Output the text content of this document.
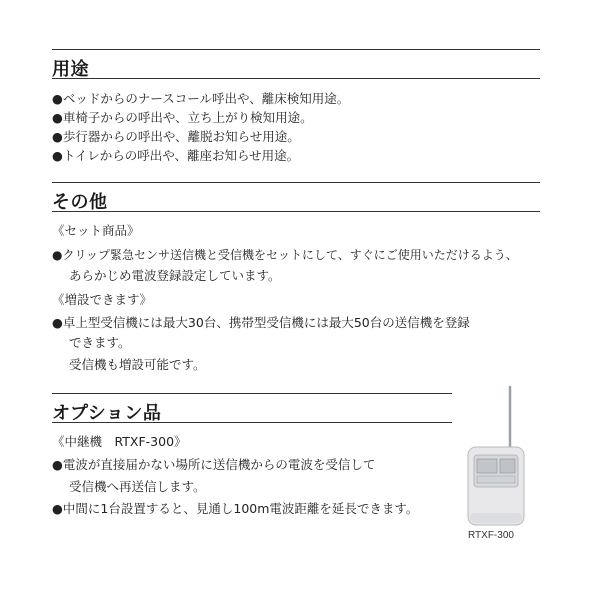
用途
●ベッドからのナースコール呼出や、離床検知用途。
●車椅子からの呼出や、立ち上がり検知用途。
●歩行器からの呼出や、離脱お知らせ用途。
●トイレからの呼出や、離座お知らせ用途。
その他
《セット商品》
●クリップ緊急センサ送信機と受信機をセットにして、すぐにご使用いただけるよう、
あらかじめ電波登録設定しています。
《増設できます》
●卓上型受信機には最大30台、携帯型受信機には最大50台の送信機を登録
できます。
受信機も増設可能です。
オプション品
《中継機　RTXF-300》
●電波が直接届かない場所に送信機からの電波を受信して
受信機へ再送信します。
●中間に1台設置すると、見通し100m電波距離を延長できます。
RTXF-300
